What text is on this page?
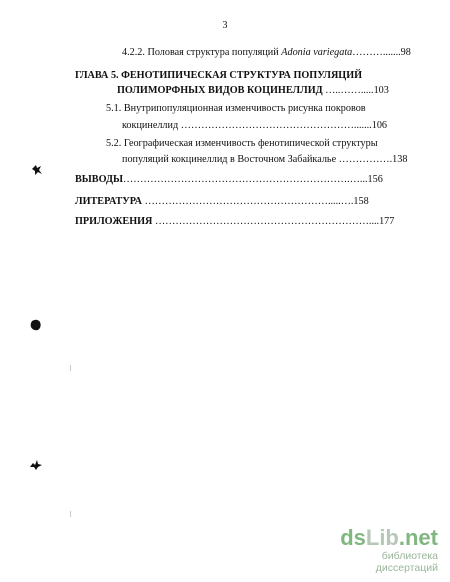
3
4.2.2. Половая структура популяций Adonia variegata……….......98
ГЛАВА 5. ФЕНОТИПИЧЕСКАЯ СТРУКТУРА ПОПУЛЯЦИЙ
ПОЛИМОРФНЫХ ВИДОВ КОЦИНЕЛЛИД …..…….....103
5.1. Внутрипопуляционная изменчивость рисунка покровов
кокцинеллид …………………………………………….......106
5.2. Географическая изменчивость фенотипической структуры
популяций кокцинеллид в Восточном Забайкалье …………….138
ВЫВОДЫ………………………………………………………….…...156
ЛИТЕРАТУРА ……………………………………………….....….158
ПРИЛОЖЕНИЯ ………………………………………………………....177
dsLib.net
библиотека диссертаций
